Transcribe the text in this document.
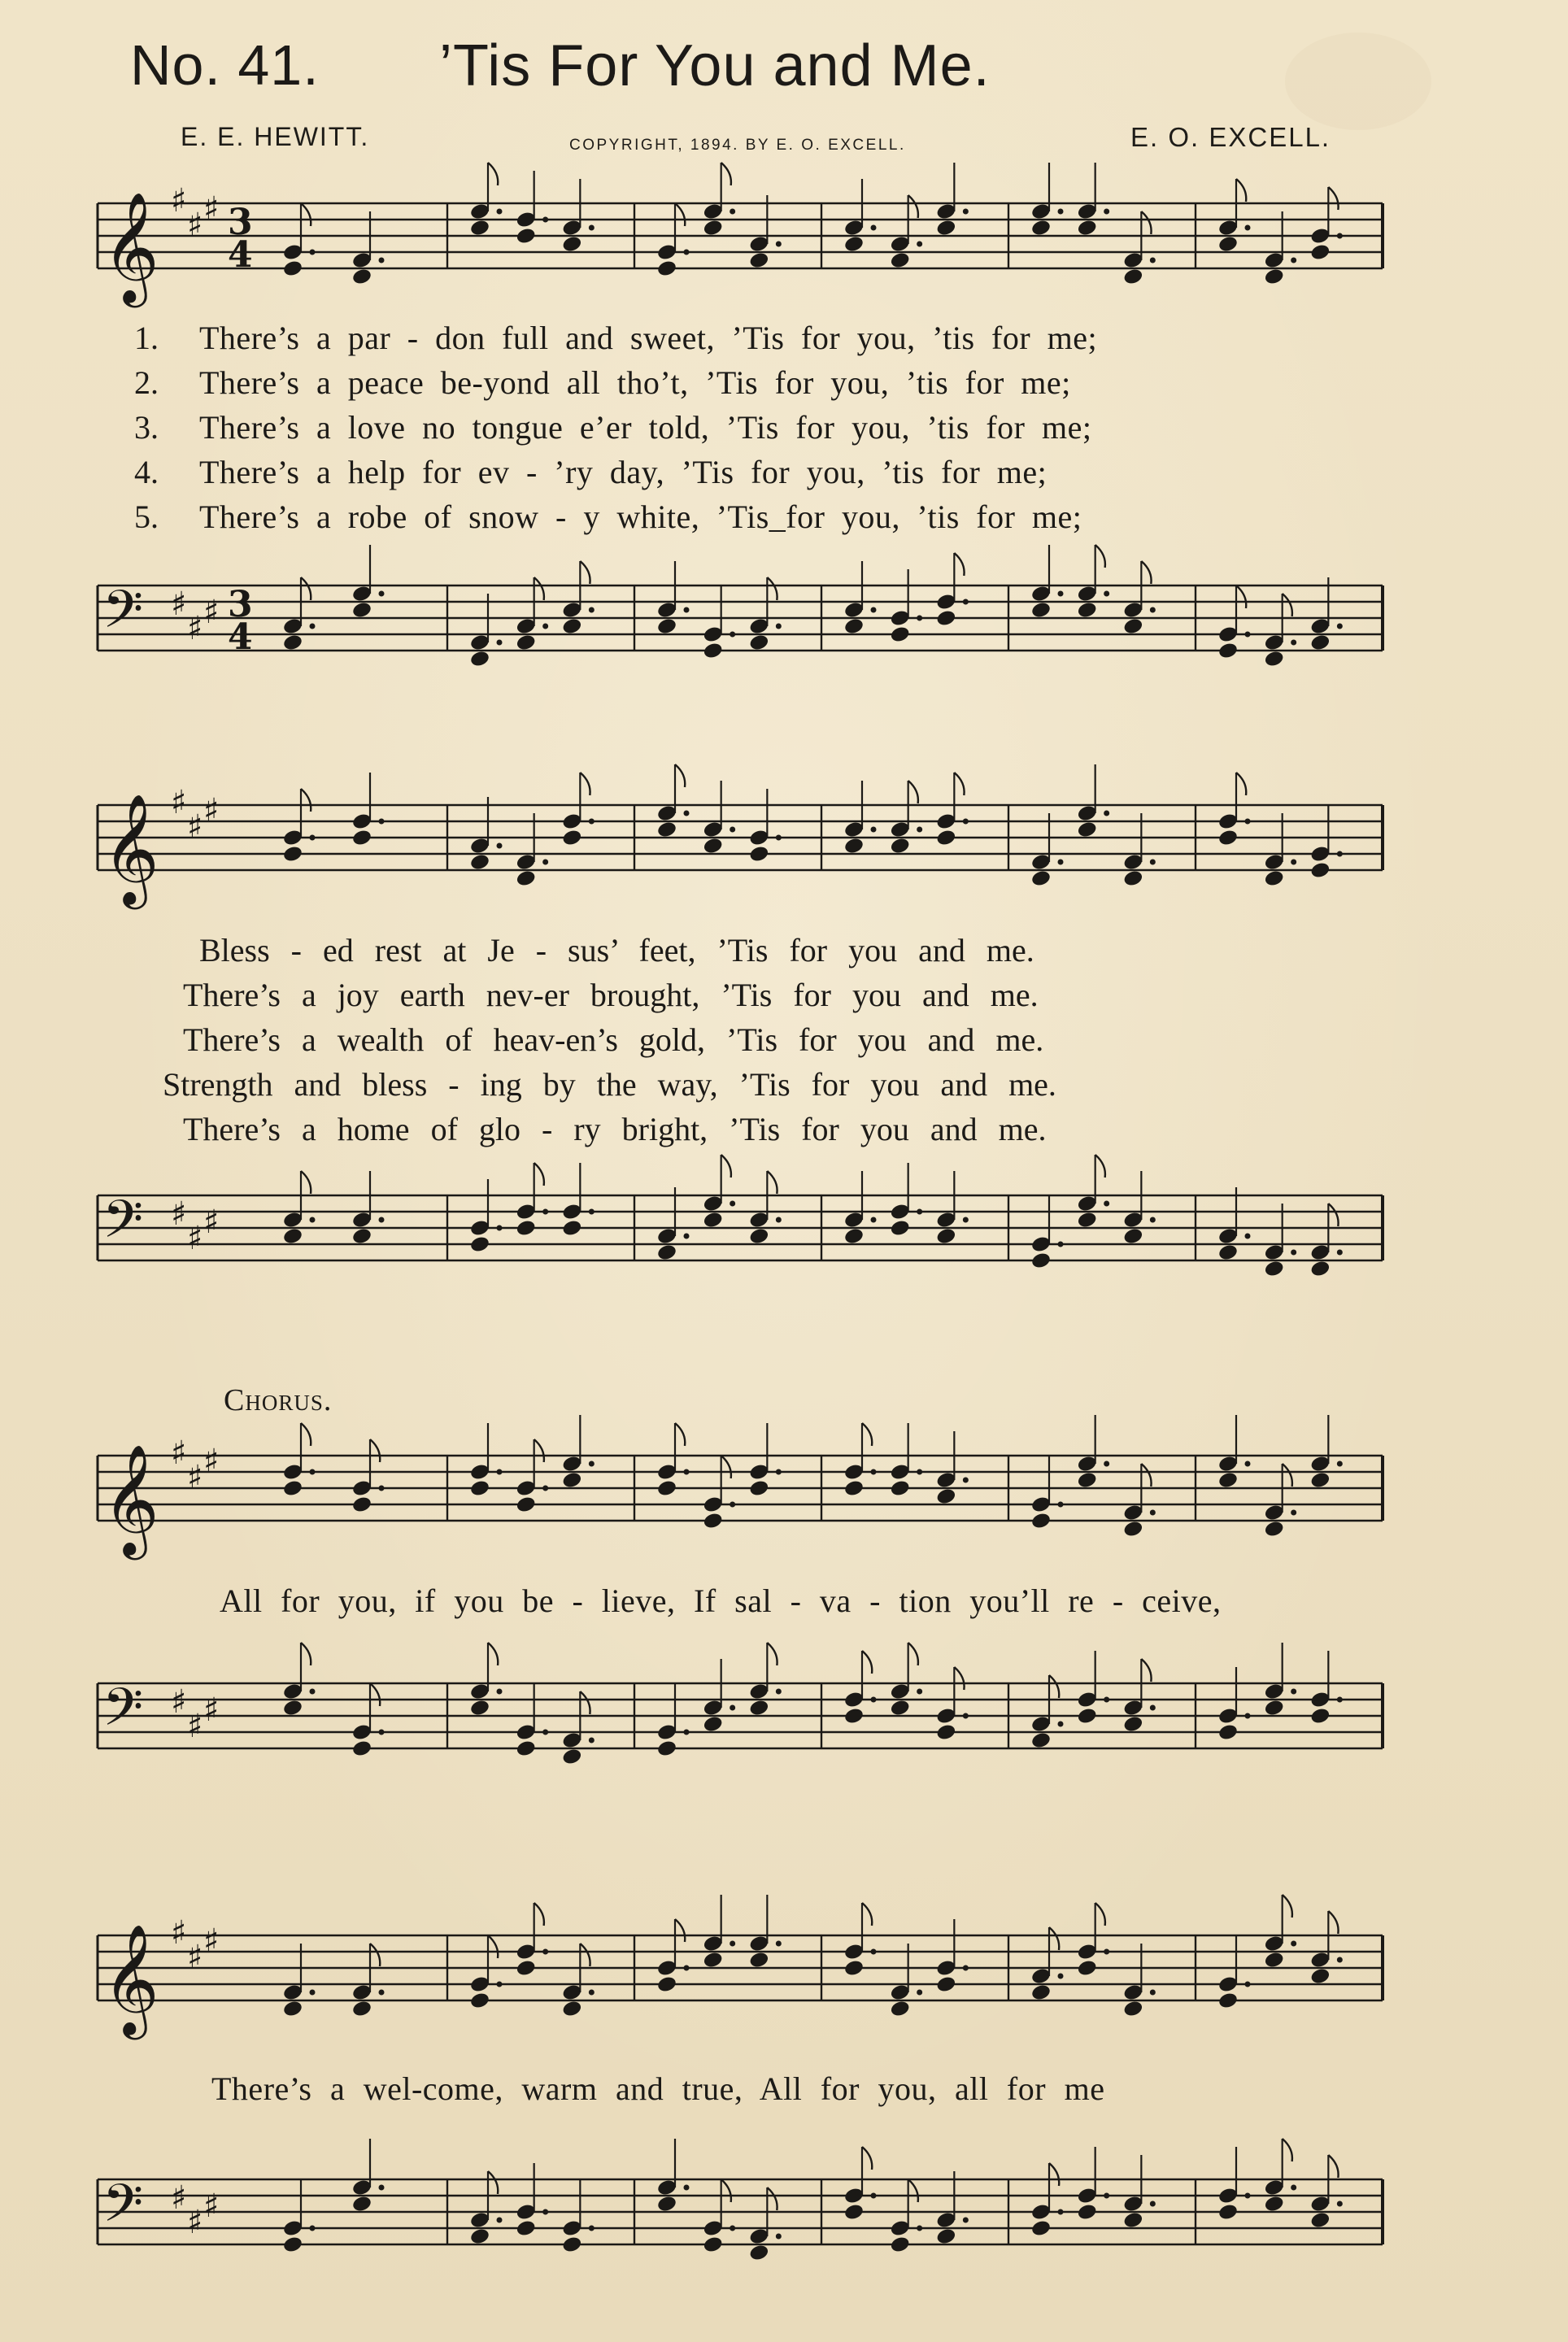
No. 41. ’Tis For You and Me.
E. E. HEWITT.	COPYRIGHT, 1894. BY E. O. EXCELL.	E. O. EXCELL.
𝄞 ♯
♯ ♯ 3
4
𝄢 ♯
♯ ♯ 3
4
1.	There’s a par - don full and sweet, ’Tis for you, ’tis for me;
2.	There’s a peace be-yond all tho’t, ’Tis for you, ’tis for me;
3.	There’s a love no tongue e’er told, ’Tis for you, ’tis for me;
4.	There’s a help for ev - ’ry day, ’Tis for you, ’tis for me;
5.	There’s a robe of snow - y white, ’Tis_for you, ’tis for me;
𝄞 ♯
♯ ♯
𝄢 ♯
♯ ♯
Bless - ed rest at Je - sus’ feet, ’Tis for you and me.
There’s a joy earth nev-er brought, ’Tis for you and me.
There’s a wealth of heav-en’s gold, ’Tis for you and me.
Strength and bless - ing by the way, ’Tis for you and me.
There’s a home of glo - ry bright, ’Tis for you and me.
Chorus.
𝄞 ♯
♯ ♯
𝄢 ♯
♯ ♯
All for you, if you be - lieve, If sal - va - tion you’ll re - ceive,
𝄞 ♯
♯ ♯
𝄢 ♯
♯ ♯
There’s a wel-come, warm and true, All for you, all for me
